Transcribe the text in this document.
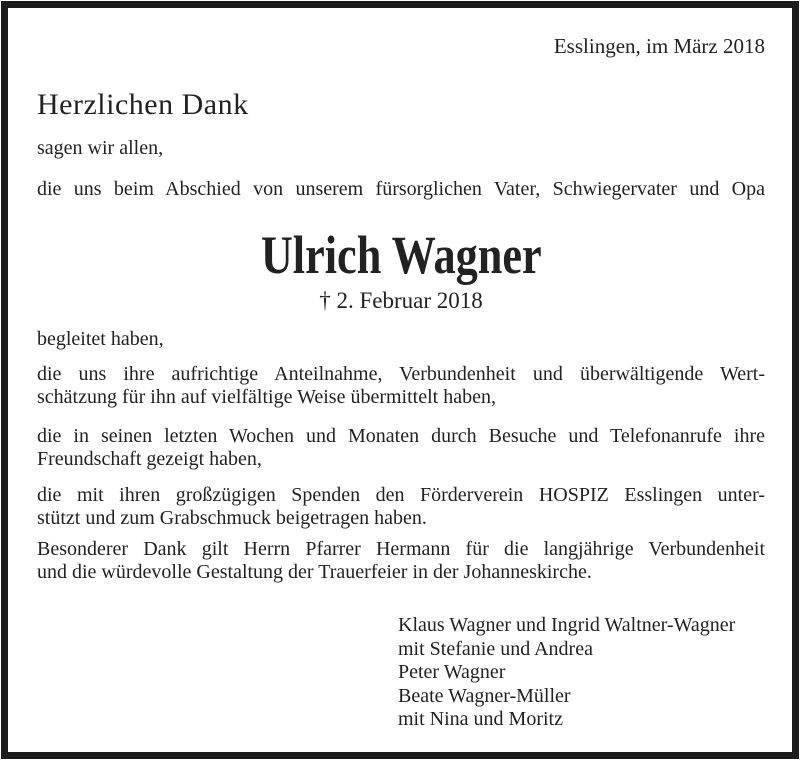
Esslingen, im März 2018
Herzlichen Dank

sagen wir allen,

die uns beim Abschied von unserem fürsorglichen Vater, Schwiegervater und Opa

Ulrich Wagner

† 2. Februar 2018

begleitet haben,

die uns ihre aufrichtige Anteilnahme, Verbundenheit und überwältigende Wert-
schätzung für ihn auf vielfältige Weise übermittelt haben,
die in seinen letzten Wochen und Monaten durch Besuche und Telefonanrufe ihre
Freundschaft gezeigt haben,
die mit ihren großzügigen Spenden den Förderverein HOSPIZ Esslingen unter-
stützt und zum Grabschmuck beigetragen haben.
Besonderer Dank gilt Herrn Pfarrer Hermann für die langjährige Verbundenheit
und die würdevolle Gestaltung der Trauerfeier in der Johanneskirche.
Klaus Wagner und Ingrid Waltner-Wagner
mit Stefanie und Andrea
Peter Wagner
Beate Wagner-Müller
mit Nina und Moritz
